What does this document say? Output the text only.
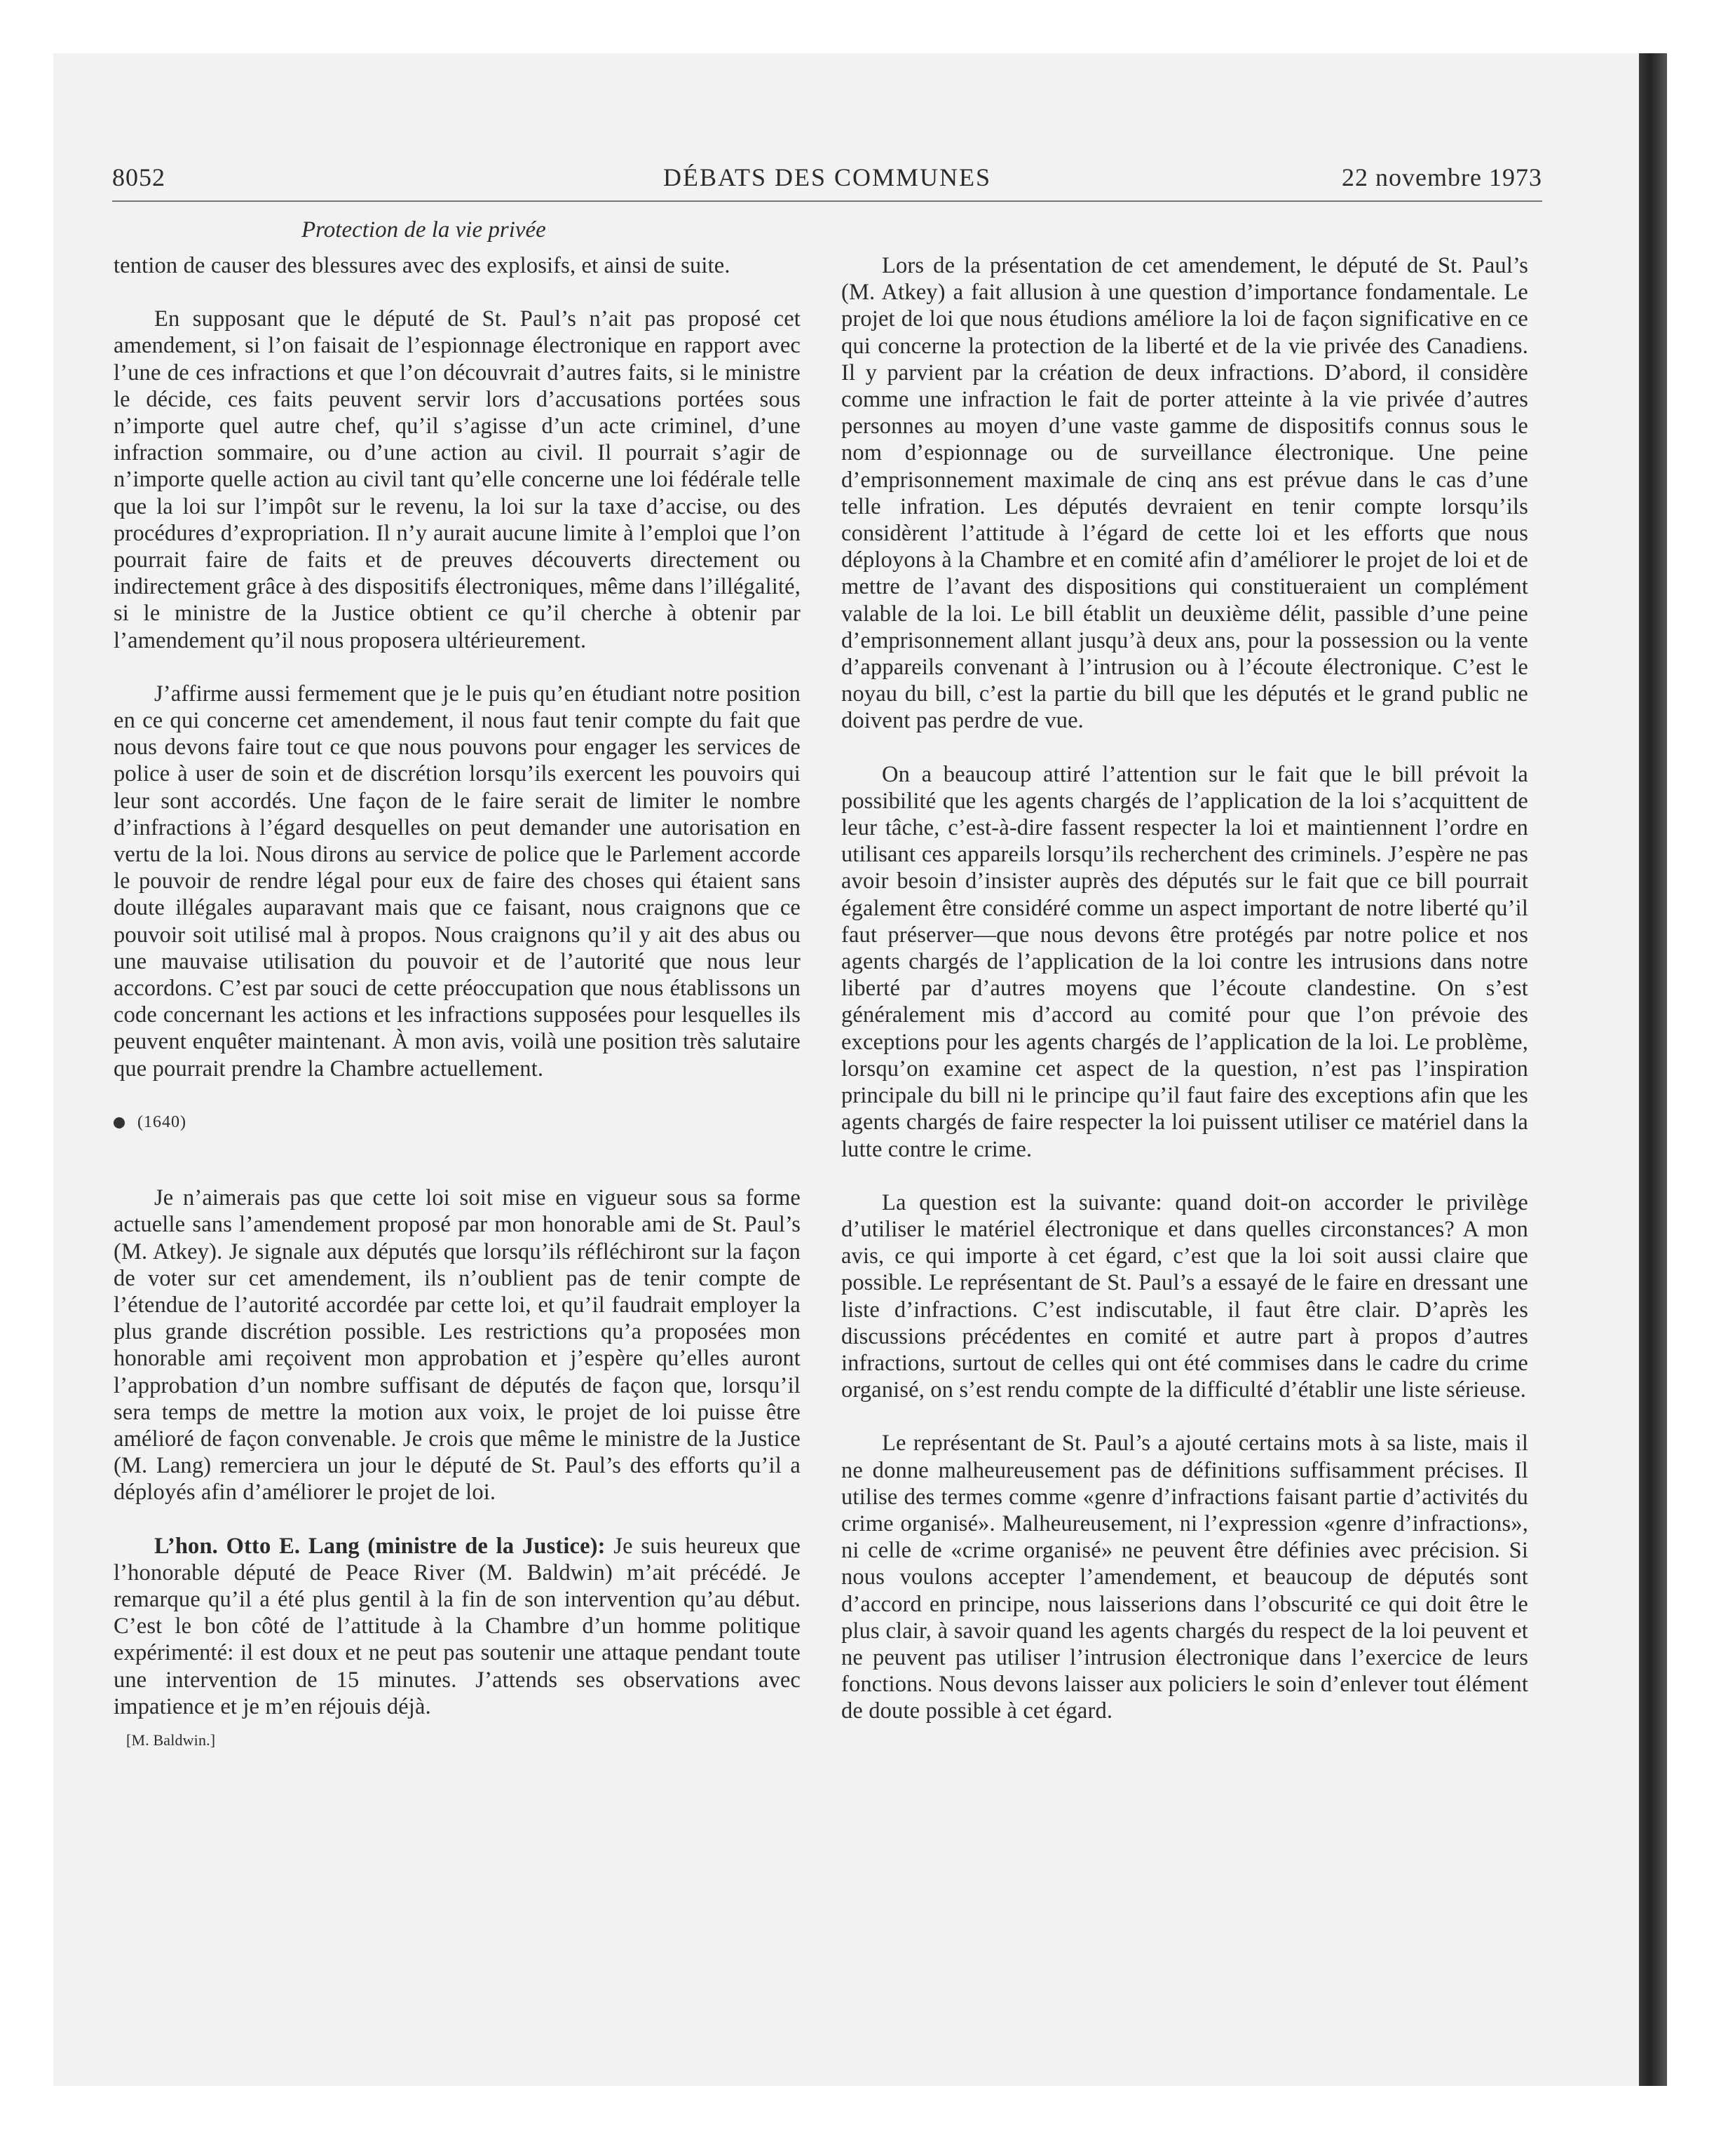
8052	DÉBATS DES COMMUNES	22 novembre 1973
Protection de la vie privée

tention de causer des blessures avec des explosifs, et ainsi de suite.

En supposant que le député de St. Paul’s n’ait pas proposé cet amendement, si l’on faisait de l’espionnage électronique en rapport avec l’une de ces infractions et que l’on découvrait d’autres faits, si le ministre le décide, ces faits peuvent servir lors d’accusations portées sous n’importe quel autre chef, qu’il s’agisse d’un acte criminel, d’une infraction sommaire, ou d’une action au civil. Il pourrait s’agir de n’importe quelle action au civil tant qu’elle concerne une loi fédérale telle que la loi sur l’impôt sur le revenu, la loi sur la taxe d’accise, ou des procédures d’expropriation. Il n’y aurait aucune limite à l’emploi que l’on pourrait faire de faits et de preuves découverts directement ou indirectement grâce à des dispositifs électroniques, même dans l’illégalité, si le ministre de la Justice obtient ce qu’il cherche à obtenir par l’amendement qu’il nous proposera ultérieurement.

J’affirme aussi fermement que je le puis qu’en étudiant notre position en ce qui concerne cet amendement, il nous faut tenir compte du fait que nous devons faire tout ce que nous pouvons pour engager les services de police à user de soin et de discrétion lorsqu’ils exercent les pouvoirs qui leur sont accordés. Une façon de le faire serait de limiter le nombre d’infractions à l’égard desquelles on peut demander une autorisation en vertu de la loi. Nous dirons au service de police que le Parlement accorde le pouvoir de rendre légal pour eux de faire des choses qui étaient sans doute illégales auparavant mais que ce faisant, nous craignons que ce pouvoir soit utilisé mal à propos. Nous craignons qu’il y ait des abus ou une mauvaise utilisation du pouvoir et de l’autorité que nous leur accordons. C’est par souci de cette préoccupation que nous établissons un code concernant les actions et les infractions supposées pour lesquelles ils peuvent enquêter maintenant. À mon avis, voilà une position très salutaire que pourrait prendre la Chambre actuellement.

(1640)

Je n’aimerais pas que cette loi soit mise en vigueur sous sa forme actuelle sans l’amendement proposé par mon honorable ami de St. Paul’s (M. Atkey). Je signale aux députés que lorsqu’ils réfléchiront sur la façon de voter sur cet amendement, ils n’oublient pas de tenir compte de l’étendue de l’autorité accordée par cette loi, et qu’il faudrait employer la plus grande discrétion possible. Les restrictions qu’a proposées mon honorable ami reçoivent mon approbation et j’espère qu’elles auront l’approbation d’un nombre suffisant de députés de façon que, lorsqu’il sera temps de mettre la motion aux voix, le projet de loi puisse être amélioré de façon convenable. Je crois que même le ministre de la Justice (M. Lang) remerciera un jour le député de St. Paul’s des efforts qu’il a déployés afin d’améliorer le projet de loi.

L’hon. Otto E. Lang (ministre de la Justice): Je suis heureux que l’honorable député de Peace River (M. Baldwin) m’ait précédé. Je remarque qu’il a été plus gentil à la fin de son intervention qu’au début. C’est le bon côté de l’attitude à la Chambre d’un homme politique expérimenté: il est doux et ne peut pas soutenir une attaque pendant toute une intervention de 15 minutes. J’attends ses observations avec impatience et je m’en réjouis déjà.

[M. Baldwin.]

Lors de la présentation de cet amendement, le député de St. Paul’s (M. Atkey) a fait allusion à une question d’importance fondamentale. Le projet de loi que nous étudions améliore la loi de façon significative en ce qui concerne la protection de la liberté et de la vie privée des Canadiens. Il y parvient par la création de deux infractions. D’abord, il considère comme une infraction le fait de porter atteinte à la vie privée d’autres personnes au moyen d’une vaste gamme de dispositifs connus sous le nom d’espionnage ou de surveillance électronique. Une peine d’emprisonnement maximale de cinq ans est prévue dans le cas d’une telle infration. Les députés devraient en tenir compte lorsqu’ils considèrent l’attitude à l’égard de cette loi et les efforts que nous déployons à la Chambre et en comité afin d’améliorer le projet de loi et de mettre de l’avant des dispositions qui constitueraient un complément valable de la loi. Le bill établit un deuxième délit, passible d’une peine d’emprisonnement allant jusqu’à deux ans, pour la possession ou la vente d’appareils convenant à l’intrusion ou à l’écoute électronique. C’est le noyau du bill, c’est la partie du bill que les députés et le grand public ne doivent pas perdre de vue.

On a beaucoup attiré l’attention sur le fait que le bill prévoit la possibilité que les agents chargés de l’application de la loi s’acquittent de leur tâche, c’est-à-dire fassent respecter la loi et maintiennent l’ordre en utilisant ces appareils lorsqu’ils recherchent des criminels. J’espère ne pas avoir besoin d’insister auprès des députés sur le fait que ce bill pourrait également être considéré comme un aspect important de notre liberté qu’il faut préserver—que nous devons être protégés par notre police et nos agents chargés de l’application de la loi contre les intrusions dans notre liberté par d’autres moyens que l’écoute clandestine. On s’est généralement mis d’accord au comité pour que l’on prévoie des exceptions pour les agents chargés de l’application de la loi. Le problème, lorsqu’on examine cet aspect de la question, n’est pas l’inspiration principale du bill ni le principe qu’il faut faire des exceptions afin que les agents chargés de faire respecter la loi puissent utiliser ce matériel dans la lutte contre le crime.

La question est la suivante: quand doit-on accorder le privilège d’utiliser le matériel électronique et dans quelles circonstances? A mon avis, ce qui importe à cet égard, c’est que la loi soit aussi claire que possible. Le représentant de St. Paul’s a essayé de le faire en dressant une liste d’infractions. C’est indiscutable, il faut être clair. D’après les discussions précédentes en comité et autre part à propos d’autres infractions, surtout de celles qui ont été commises dans le cadre du crime organisé, on s’est rendu compte de la difficulté d’établir une liste sérieuse.

Le représentant de St. Paul’s a ajouté certains mots à sa liste, mais il ne donne malheureusement pas de définitions suffisamment précises. Il utilise des termes comme «genre d’infractions faisant partie d’activités du crime organisé». Malheureusement, ni l’expression «genre d’infractions», ni celle de «crime organisé» ne peuvent être définies avec précision. Si nous voulons accepter l’amendement, et beaucoup de députés sont d’accord en principe, nous laisserions dans l’obscurité ce qui doit être le plus clair, à savoir quand les agents chargés du respect de la loi peuvent et ne peuvent pas utiliser l’intrusion électronique dans l’exercice de leurs fonctions. Nous devons laisser aux policiers le soin d’enlever tout élément de doute possible à cet égard.
